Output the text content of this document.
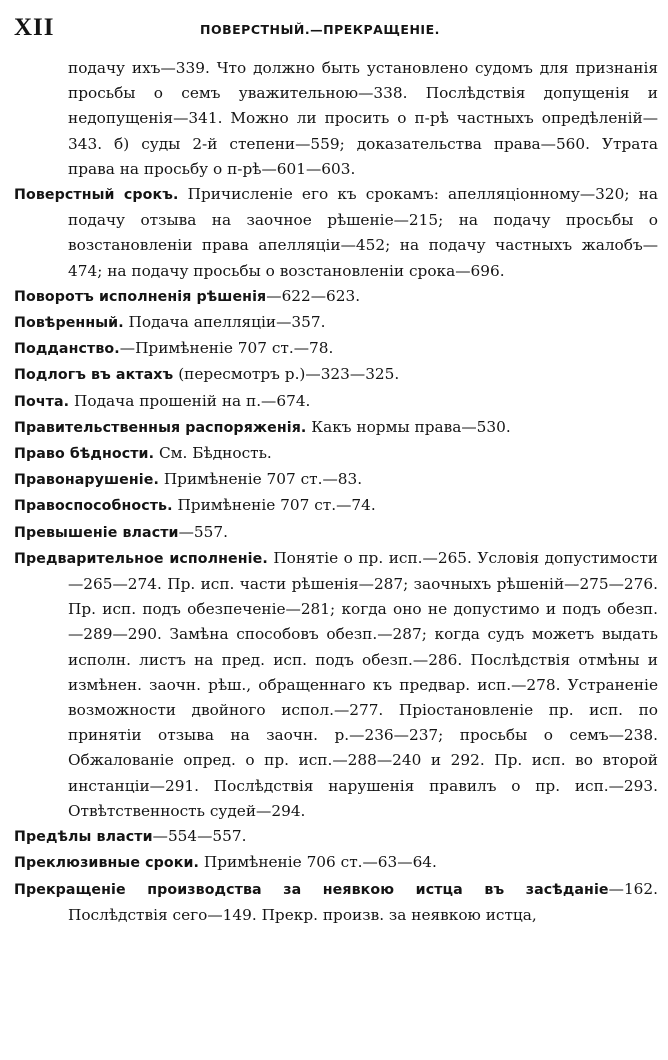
XII	ПОВЕРСТНЫЙ.—ПРЕКРАЩЕНІЕ.

подачу ихъ—339. Что должно быть установлено судомъ для признанія просьбы о семъ уважительною—338. Послѣдствія допущенія и недопущенія—341. Можно ли просить о п-рѣ частныхъ опредѣленій—343. б) суды 2-й степени—559; доказательства права—560. Утрата права на просьбу о п-рѣ—601—603.

Поверстный срокъ. Причисленіе его къ срокамъ: апелляціонному—320; на подачу отзыва на заочное рѣшеніе—215; на подачу просьбы о возстановленіи права апелляціи—452; на подачу частныхъ жалобъ—474; на подачу просьбы о возстановленіи срока—696.

Поворотъ исполненія рѣшенія—622—623.

Повѣренный. Подача апелляціи—357.

Подданство.—Примѣненіе 707 ст.—78.

Подлогъ въ актахъ (пересмотръ р.)—323—325.

Почта. Подача прошеній на п.—674.

Правительственныя распоряженія. Какъ нормы права—530.

Право бѣдности. См. Бѣдность.

Правонарушеніе. Примѣненіе 707 ст.—83.

Правоспособность. Примѣненіе 707 ст.—74.

Превышеніе власти—557.

Предварительное исполненіе. Понятіе о пр. исп.—265. Условія допустимости—265—274. Пр. исп. части рѣшенія—287; заочныхъ рѣшеній—275—276. Пр. исп. подъ обезпеченіе—281; когда оно не допустимо и подъ обезп.—289—290. Замѣна способовъ обезп.—287; когда судъ можетъ выдать исполн. листъ на пред. исп. подъ обезп.—286. Послѣдствія отмѣны и измѣнен. заочн. рѣш., обращеннаго къ предвар. исп.—278. Устраненіе возможности двойного испол.—277. Пріостановленіе пр. исп. по принятіи отзыва на заочн. р.—236—237; просьбы о семъ—238. Обжалованіе опред. о пр. исп.—288—240 и 292. Пр. исп. во второй инстанціи—291. Послѣдствія нарушенія правилъ о пр. исп.—293. Отвѣтственность судей—294.

Предѣлы власти—554—557.

Преклюзивные сроки. Примѣненіе 706 ст.—63—64.

Прекращеніе производства за неявкою истца въ засѣданіе—162. Послѣдствія сего—149. Прекр. произв. за неявкою истца,
